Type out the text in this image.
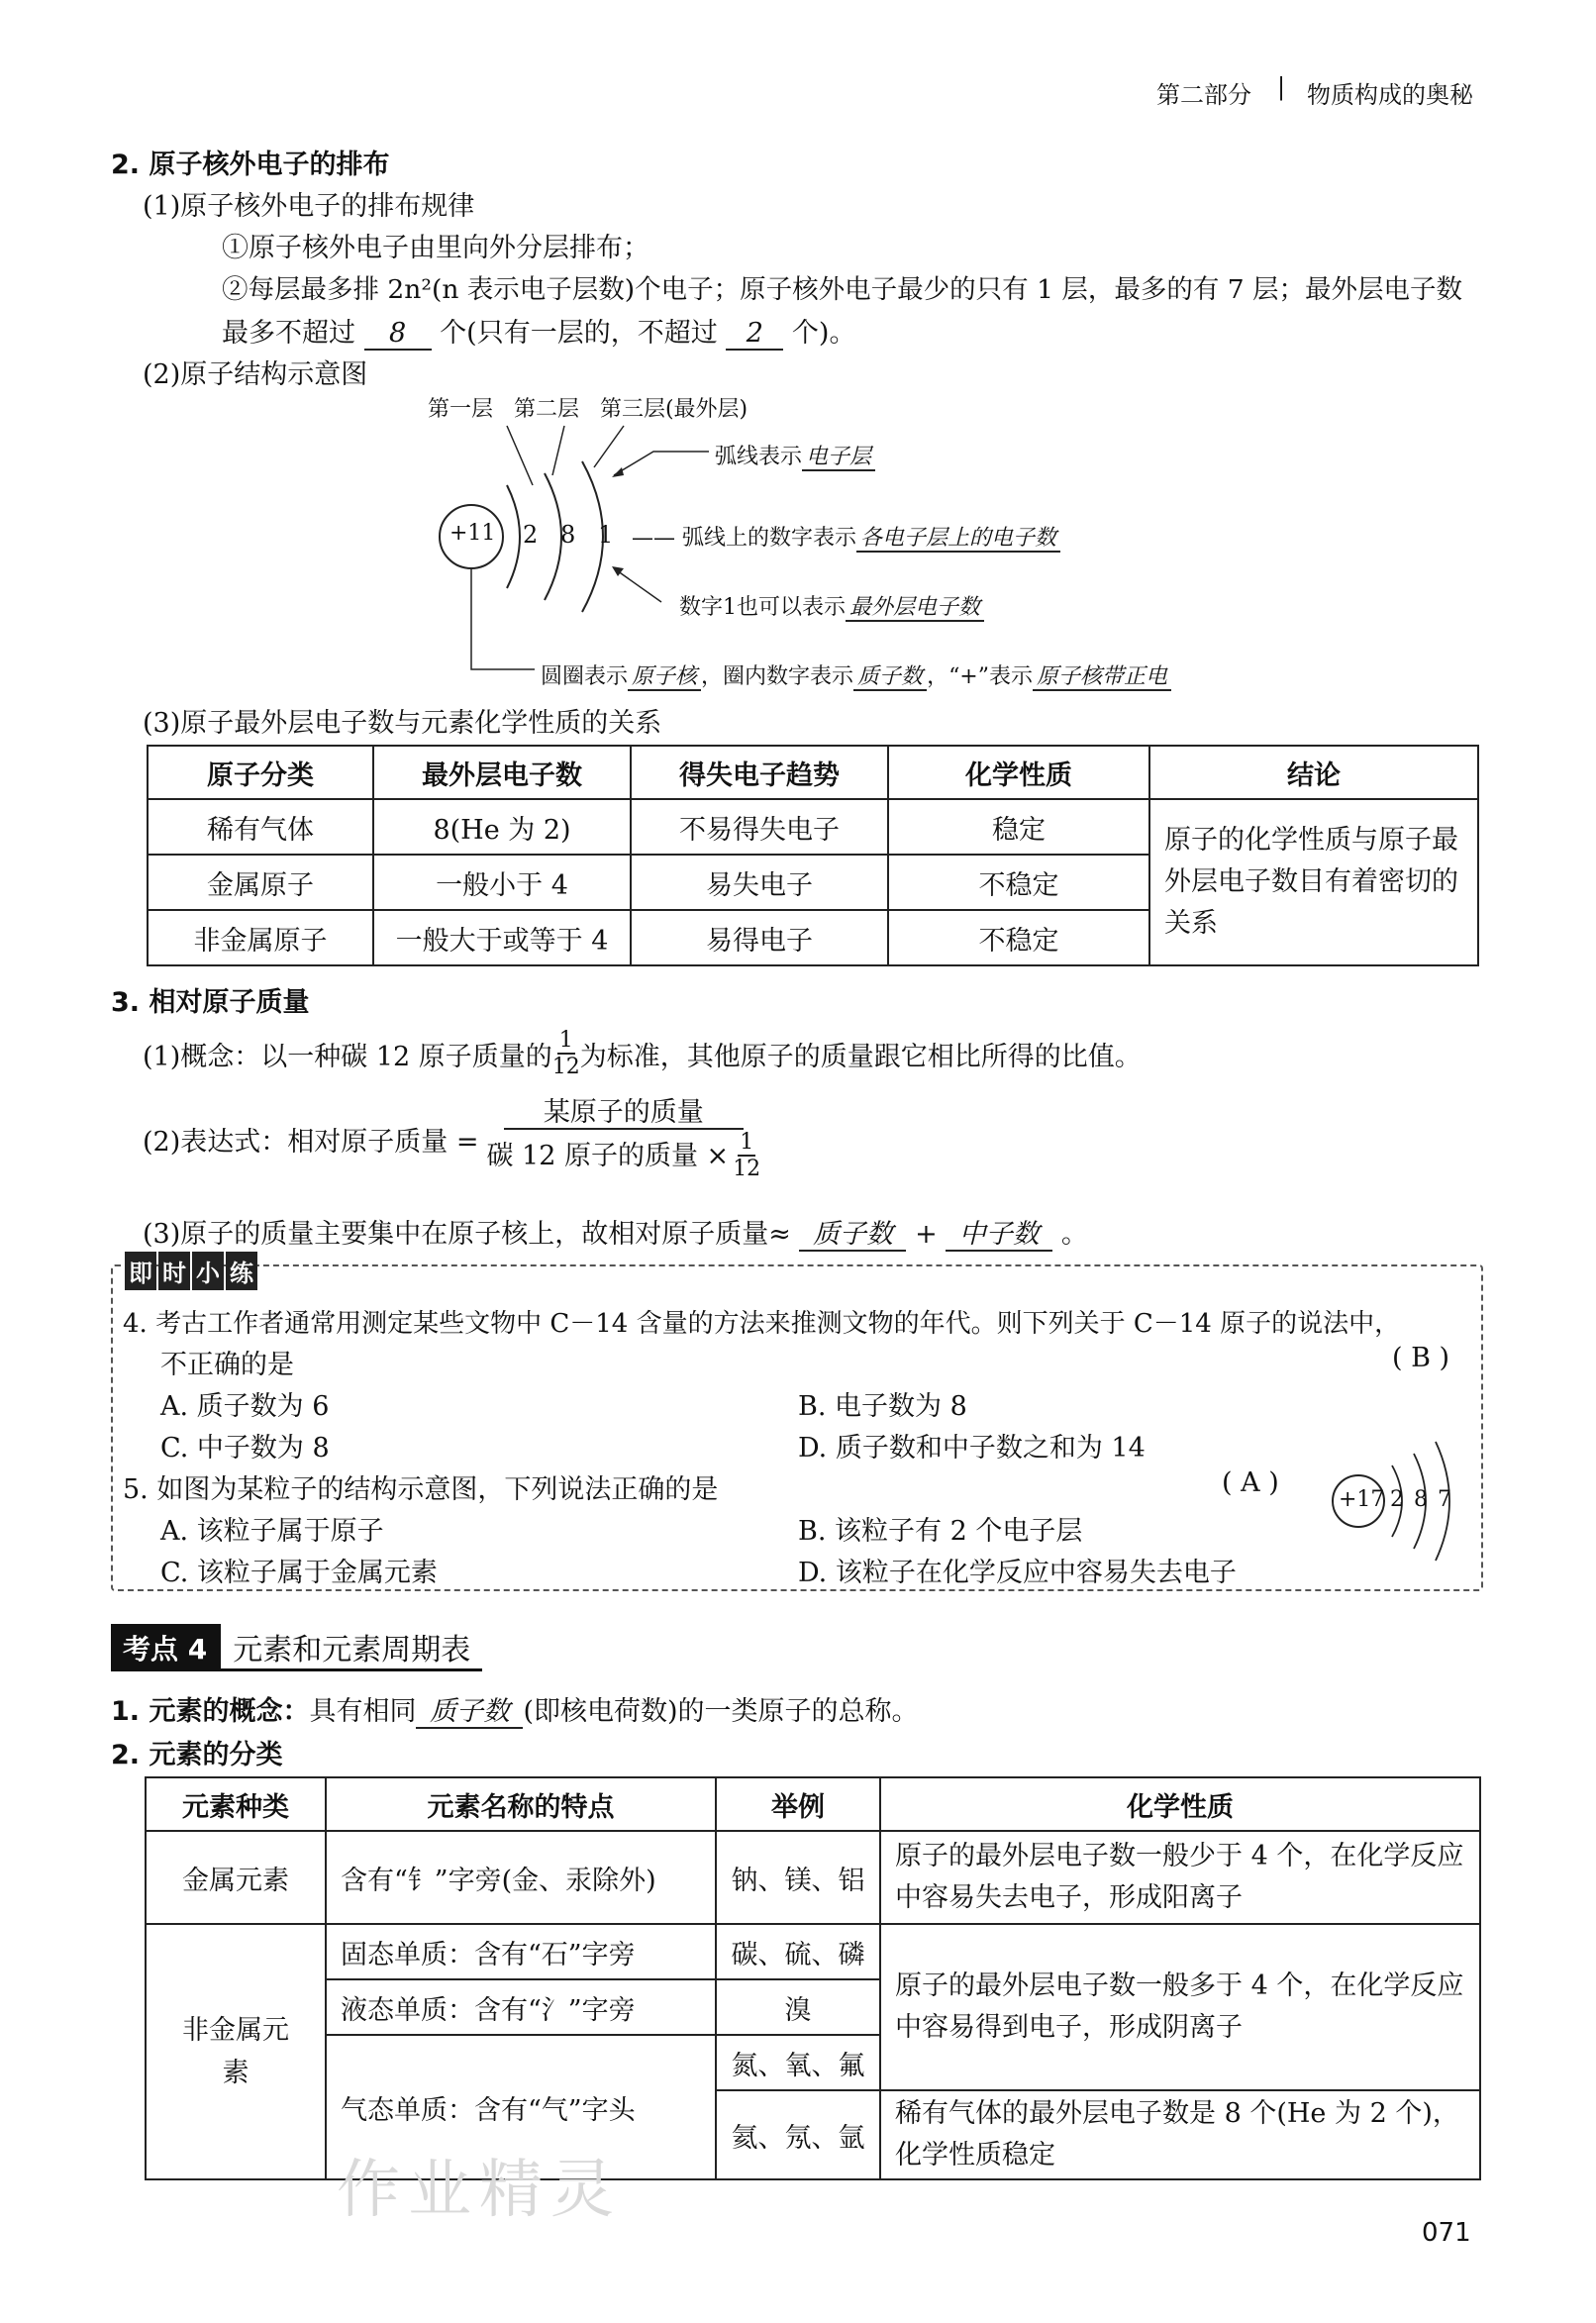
第二部分 | 物质构成的奥秘
2. 原子核外电子的排布
(1)原子核外电子的排布规律
①原子核外电子由里向外分层排布；
②每层最多排 2n²(n 表示电子层数)个电子；原子核外电子最少的只有 1 层，最多的有 7 层；最外层电子数
最多不超过 8 个(只有一层的，不超过 2 个)。
(2)原子结构示意图
第一层   第二层   第三层(最外层)
+11 2 8 1
弧线表示 电子层
—— 弧线上的数字表示 各电子层上的电子数
数字1也可以表示 最外层电子数
圆圈表示 原子核 ，圈内数字表示 质子数 ，“+”表示 原子核带正电
(3)原子最外层电子数与元素化学性质的关系
原子分类	最外层电子数	得失电子趋势	化学性质	结论
稀有气体	8(He 为 2)	不易得失电子	稳定	原子的化学性质与原子最外层电子数目有着密切的关系
金属原子	一般小于 4	易失电子	不稳定	
非金属原子	一般大于或等于 4	易得电子	不稳定	
3. 相对原子质量
(1)概念：以一种碳 12 原子质量的 $\frac{1}{12}$ 为标准，其他原子的质量跟它相比所得的比值。
(2)表达式：相对原子质量 = $\frac{\text{某原子的质量}}{碳 12 原子的质量 \times \frac{1}{12}}$
(3)原子的质量主要集中在原子核上，故相对原子质量≈ 质子数 + 中子数 。
即 时 小 练
4. 考古工作者通常用测定某些文物中 C－14 含量的方法来推测文物的年代。则下列关于 C－14 原子的说法中，
不正确的是	( B )
A. 质子数为 6	B. 电子数为 8
C. 中子数为 8	D. 质子数和中子数之和为 14
5. 如图为某粒子的结构示意图，下列说法正确的是	( A )
A. 该粒子属于原子	B. 该粒子有 2 个电子层
C. 该粒子属于金属元素	D. 该粒子在化学反应中容易失去电子
+17 2 8 7
考点 4 元素和元素周期表
1. 元素的概念：具有相同 质子数 (即核电荷数)的一类原子的总称。
2. 元素的分类
元素种类	元素名称的特点	举例	化学性质
金属元素	含有“钅”字旁(金、汞除外)	钠、镁、铝	原子的最外层电子数一般少于 4 个，在化学反应中容易失去电子，形成阳离子
非金属元素	固态单质：含有“石”字旁	碳、硫、磷	原子的最外层电子数一般多于 4 个，在化学反应中容易得到电子，形成阴离子
	液态单质：含有“氵”字旁	溴	
	气态单质：含有“气”字头	氮、氧、氟	
		氦、氖、氩	稀有气体的最外层电子数是 8 个(He 为 2 个)，化学性质稳定
作业精灵
071
